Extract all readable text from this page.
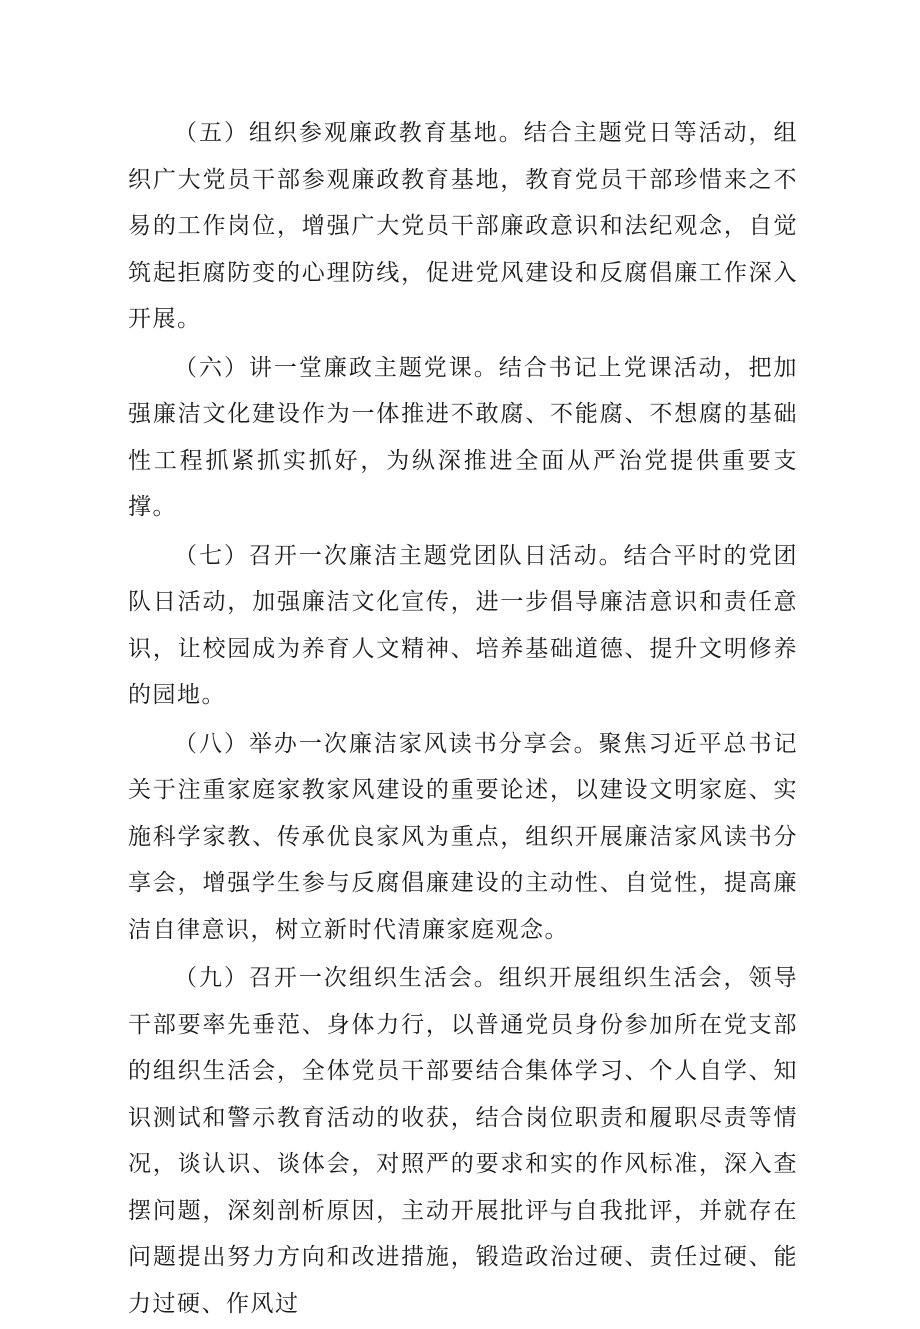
（五）组织参观廉政教育基地。结合主题党日等活动，组织广大党员干部参观廉政教育基地，教育党员干部珍惜来之不易的工作岗位，增强广大党员干部廉政意识和法纪观念，自觉筑起拒腐防变的心理防线，促进党风建设和反腐倡廉工作深入开展。

（六）讲一堂廉政主题党课。结合书记上党课活动，把加强廉洁文化建设作为一体推进不敢腐、不能腐、不想腐的基础性工程抓紧抓实抓好，为纵深推进全面从严治党提供重要支撑。

（七）召开一次廉洁主题党团队日活动。结合平时的党团队日活动，加强廉洁文化宣传，进一步倡导廉洁意识和责任意识，让校园成为养育人文精神、培养基础道德、提升文明修养的园地。

（八）举办一次廉洁家风读书分享会。聚焦习近平总书记关于注重家庭家教家风建设的重要论述，以建设文明家庭、实施科学家教、传承优良家风为重点，组织开展廉洁家风读书分享会，增强学生参与反腐倡廉建设的主动性、自觉性，提高廉洁自律意识，树立新时代清廉家庭观念。

（九）召开一次组织生活会。组织开展组织生活会，领导干部要率先垂范、身体力行，以普通党员身份参加所在党支部的组织生活会，全体党员干部要结合集体学习、个人自学、知识测试和警示教育活动的收获，结合岗位职责和履职尽责等情况，谈认识、谈体会，对照严的要求和实的作风标准，深入查摆问题，深刻剖析原因，主动开展批评与自我批评，并就存在问题提出努力方向和改进措施，锻造政治过硬、责任过硬、能力过硬、作风过
